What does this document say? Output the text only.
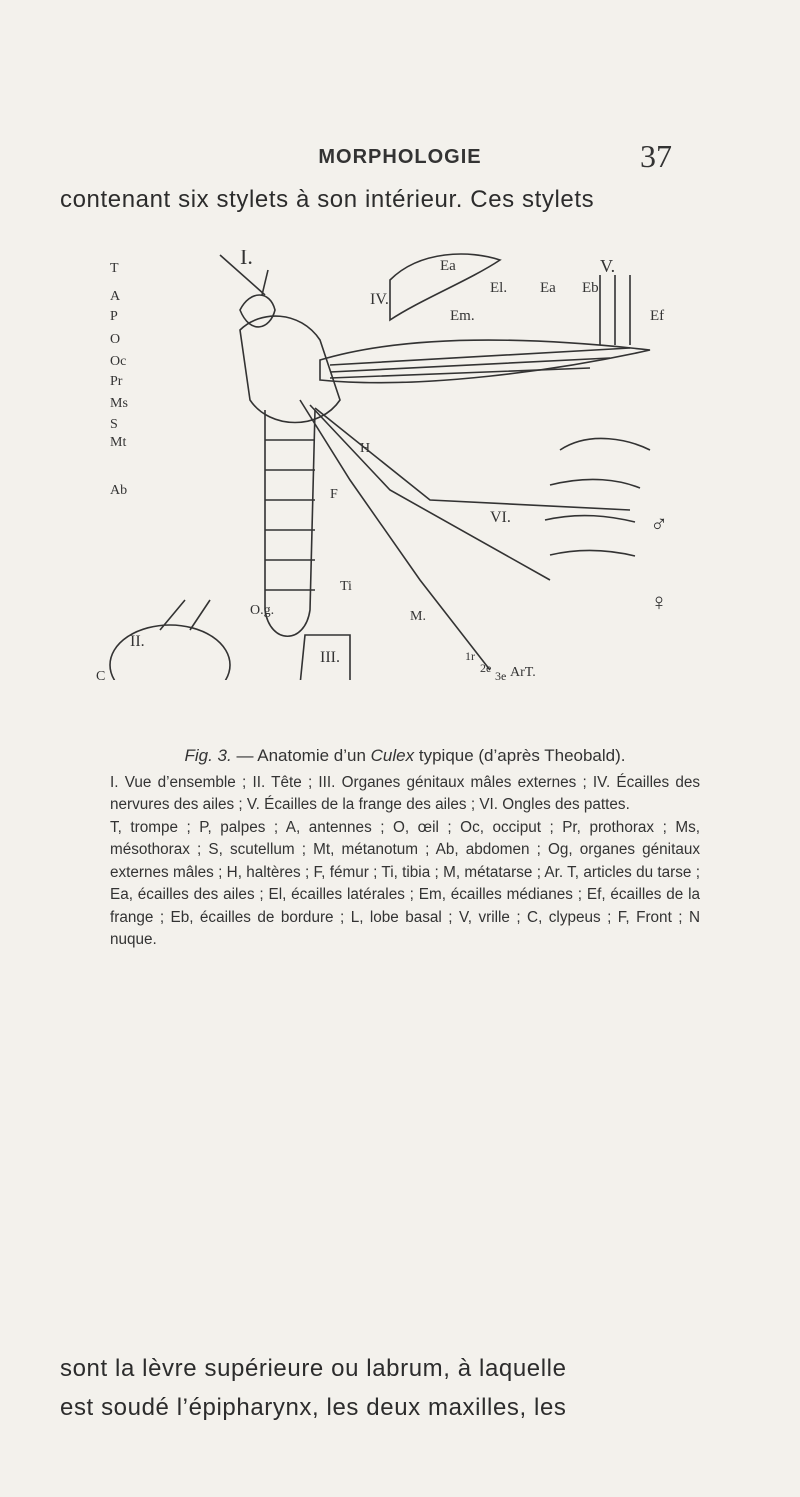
MORPHOLOGIE	37
contenant six stylets à son intérieur. Ces stylets
I.
IV.
V.
Ea
El.
Em.
Ea Eb
Ef
T
A
P
O
Oc
Pr
Ms
S
Mt
Ab
H
F
Ti
M.
O.g.
VI.	♂
♀
ArT.
1r
2e
3e
II.
C
III.

Fig. 3. — Anatomie d’un Culex typique (d’après Theobald).

I. Vue d’ensemble ; II. Tête ; III. Organes génitaux mâles externes ; IV. Écailles des nervures des ailes ; V. Écailles de la frange des ailes ; VI. Ongles des pattes.

T, trompe ; P, palpes ; A, antennes ; O, œil ; Oc, occiput ; Pr, prothorax ; Ms, mésothorax ; S, scutellum ; Mt, métanotum ; Ab, abdomen ; Og, organes génitaux externes mâles ; H, haltères ; F, fémur ; Ti, tibia ; M, métatarse ; Ar. T, articles du tarse ; Ea, écailles des ailes ; El, écailles latérales ; Em, écailles médianes ; Ef, écailles de la frange ; Eb, écailles de bordure ; L, lobe basal ; V, vrille ; C, clypeus ; F, Front ; N nuque.

sont la lèvre supérieure ou labrum, à laquelle
est soudé l’épipharynx, les deux maxilles, les
